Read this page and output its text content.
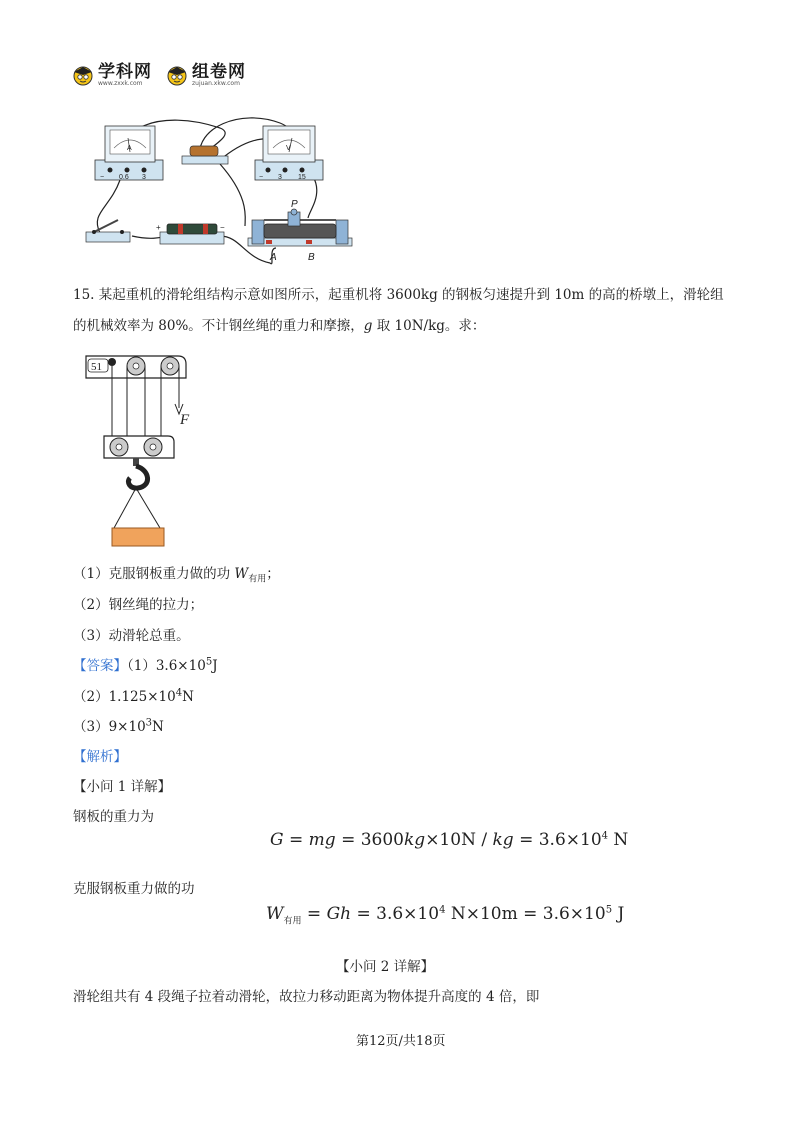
学科网
www.zxxk.com
组卷网
zujuan.xkw.com
A
− 0.6 3
V
− 3 15
+	−
P
A	B
15. 某起重机的滑轮组结构示意如图所示，起重机将 3600kg 的钢板匀速提升到 10m 的高的桥墩上，滑轮组
的机械效率为 80%。不计钢丝绳的重力和摩擦，g 取 10N/kg。求：
51
F
（1）克服钢板重力做的功 $W_{有用}$；
（2）钢丝绳的拉力；
（3）动滑轮总重。
【答案】$(1)3.6\times 10^5J$
$(2)1.125\times 10^4N$
$(3)9\times 10^3N$
【解析】
【小问 1 详解】
钢板的重力为
G = mg = 3600kg×10N / kg = $3.6\times 10^4$ N
克服钢板重力做的功
$W_{有用} = Gh = 3.6\times 10^4$ $N\times 10m = 3.6\times 10^5$ J
【小问 2 详解】
滑轮组共有 4 段绳子拉着动滑轮，故拉力移动距离为物体提升高度的 4 倍，即
第12页/共18页
